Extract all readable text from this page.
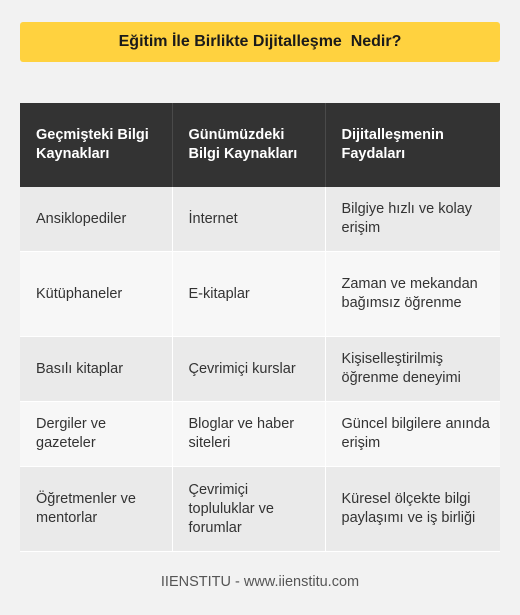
Eğitim İle Birlikte Dijitalleşme  Nedir?
Geçmişteki Bilgi Kaynakları	Günümüzdeki Bilgi Kaynakları	Dijitalleşmenin Faydaları
Ansiklopediler	İnternet	Bilgiye hızlı ve kolay erişim
Kütüphaneler	E-kitaplar	Zaman ve mekandan bağımsız öğrenme
Basılı kitaplar	Çevrimiçi kurslar	Kişiselleştirilmiş öğrenme deneyimi
Dergiler ve gazeteler	Bloglar ve haber siteleri	Güncel bilgilere anında erişim
Öğretmenler ve mentorlar	Çevrimiçi topluluklar ve forumlar	Küresel ölçekte bilgi paylaşımı ve iş birliği
IIENSTITU - www.iienstitu.com
